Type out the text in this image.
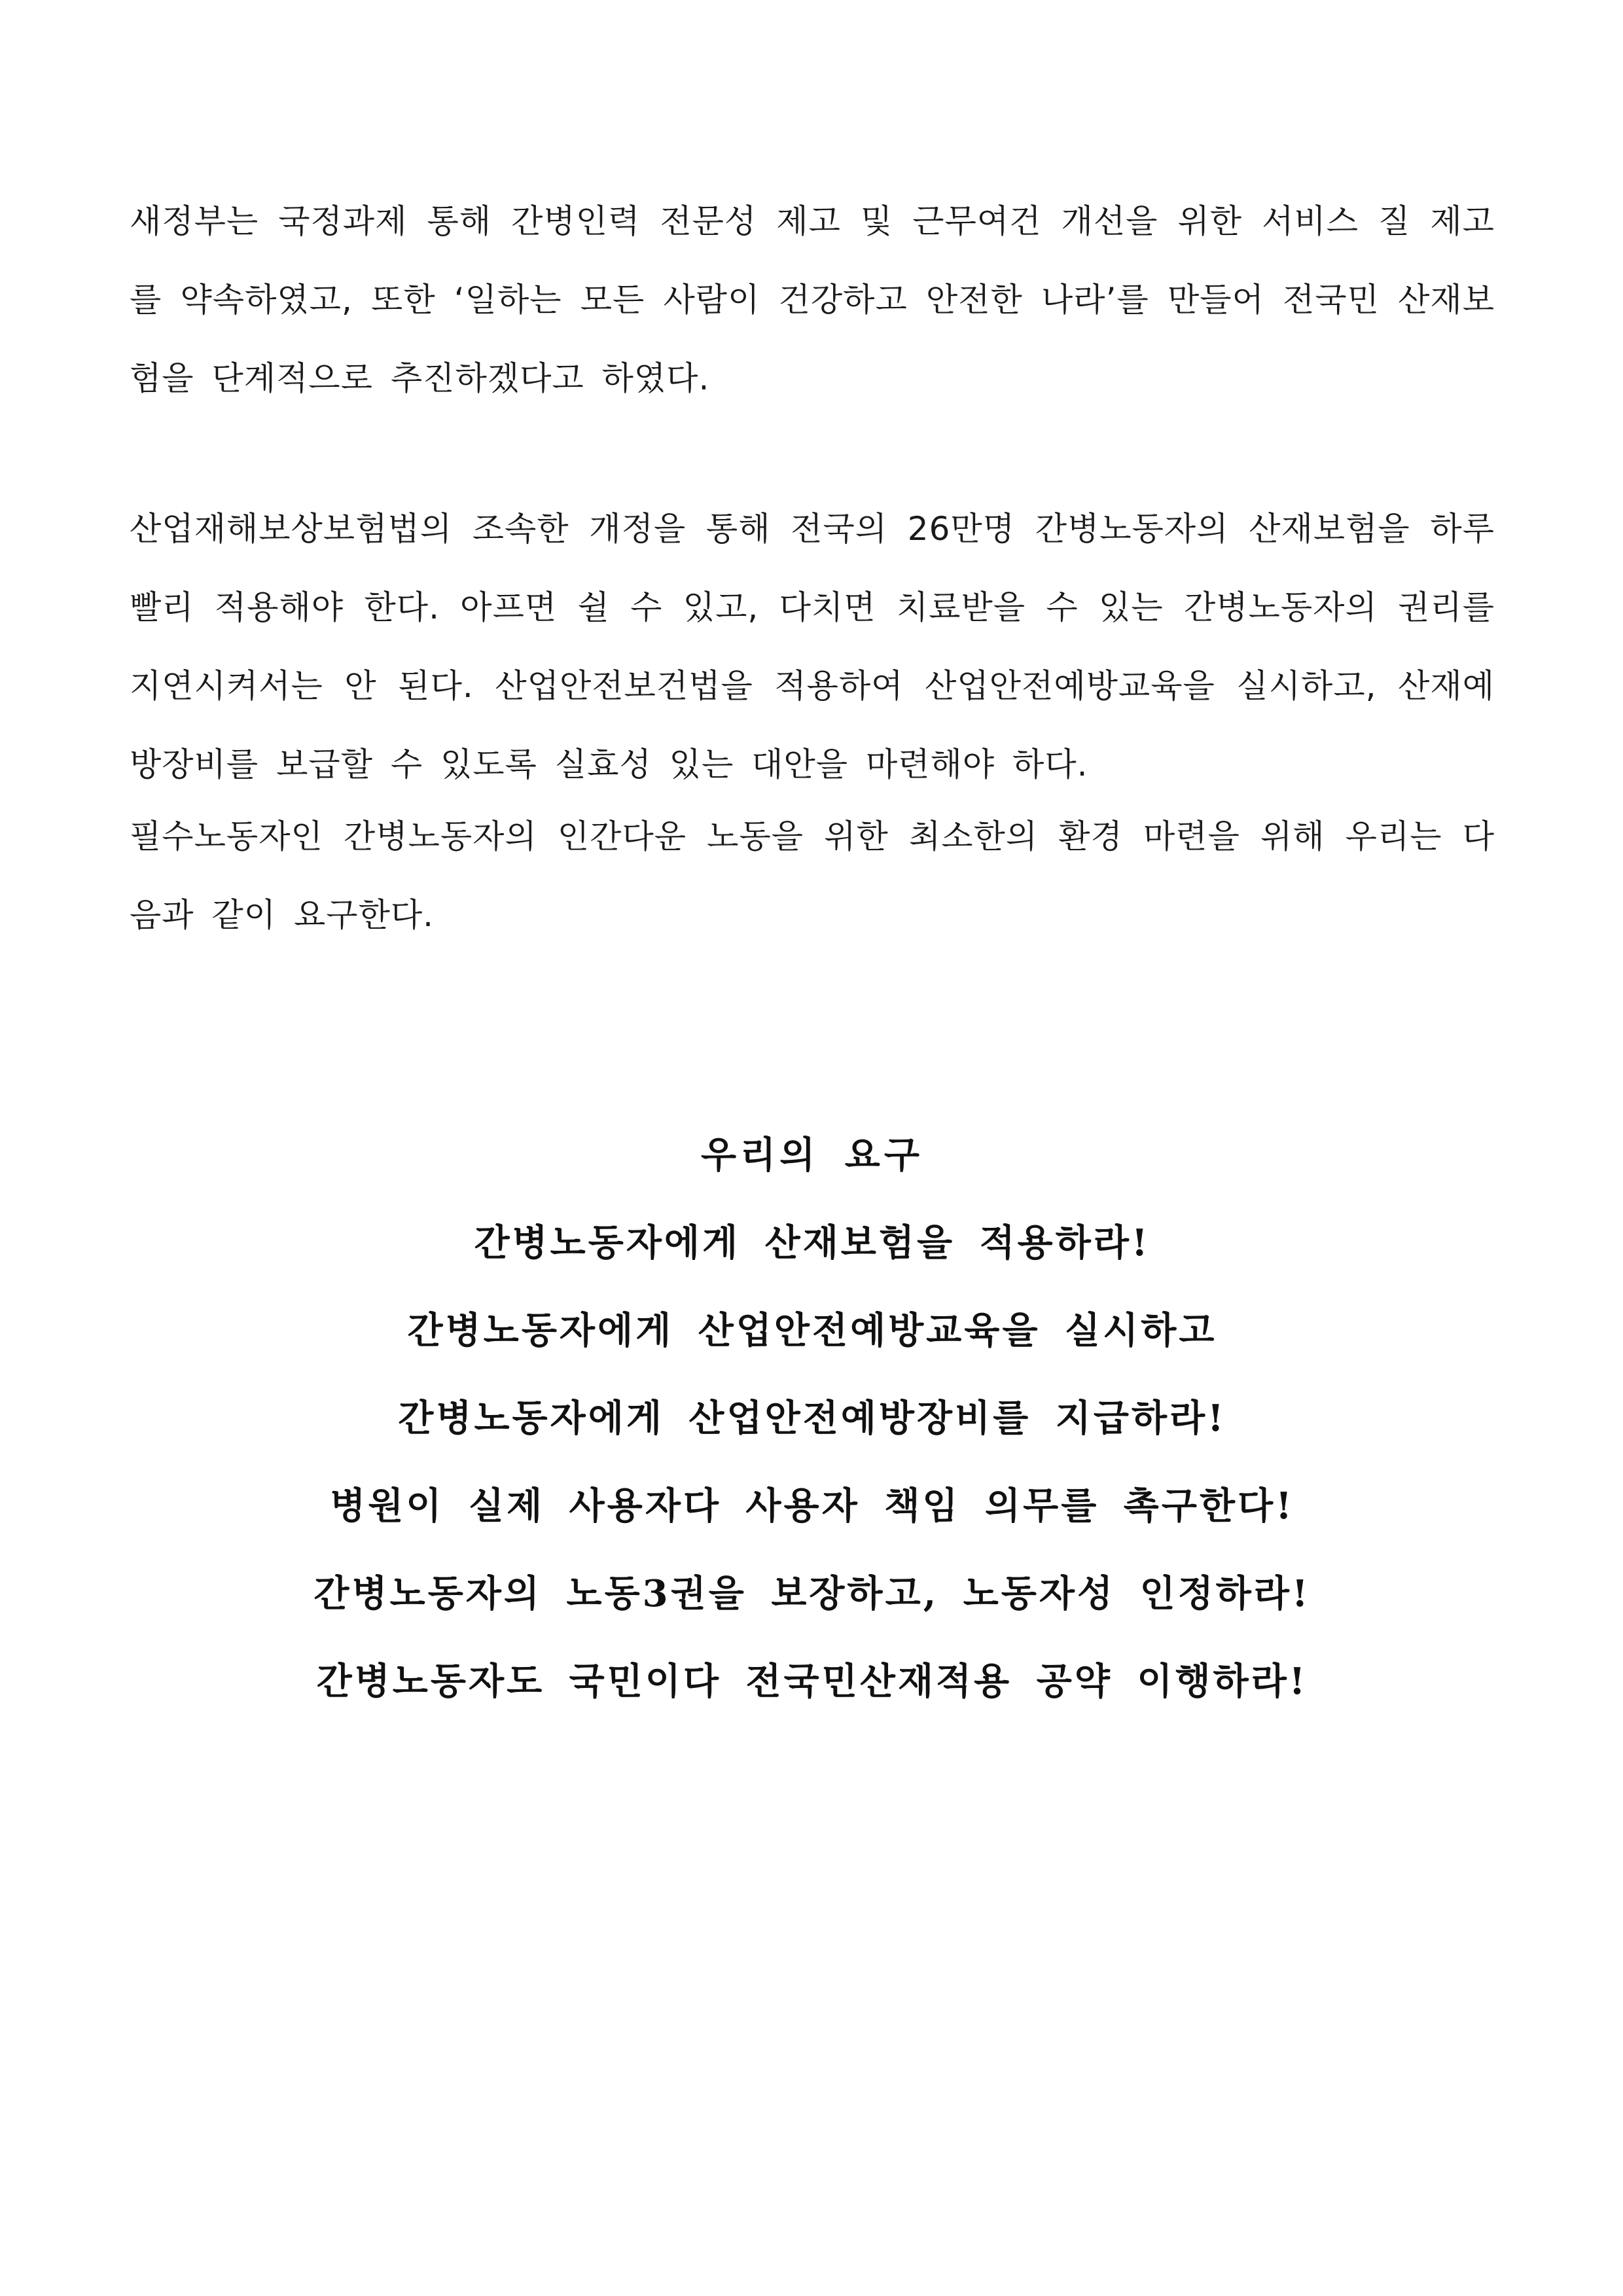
새정부는 국정과제 통해 간병인력 전문성 제고 및 근무여건 개선을 위한 서비스 질 제고를 약속하였고, 또한 ‘일하는 모든 사람이 건강하고 안전한 나라’를 만들어 전국민 산재보험을 단계적으로 추진하겠다고 하였다.

산업재해보상보험법의 조속한 개정을 통해 전국의 26만명 간병노동자의 산재보험을 하루빨리 적용해야 한다. 아프면 쉴 수 있고, 다치면 치료받을 수 있는 간병노동자의 권리를 지연시켜서는 안 된다. 산업안전보건법을 적용하여 산업안전예방교육을 실시하고, 산재예방장비를 보급할 수 있도록 실효성 있는 대안을 마련해야 하다.

필수노동자인 간병노동자의 인간다운 노동을 위한 최소한의 환경 마련을 위해 우리는 다음과 같이 요구한다.

우리의 요구
간병노동자에게 산재보험을 적용하라!
간병노동자에게 산업안전예방교육을 실시하고
간병노동자에게 산업안전예방장비를 지급하라!
병원이 실제 사용자다 사용자 책임 의무를 촉구한다!
간병노동자의 노동3권을 보장하고, 노동자성 인정하라!
간병노동자도 국민이다 전국민산재적용 공약 이행하라!
